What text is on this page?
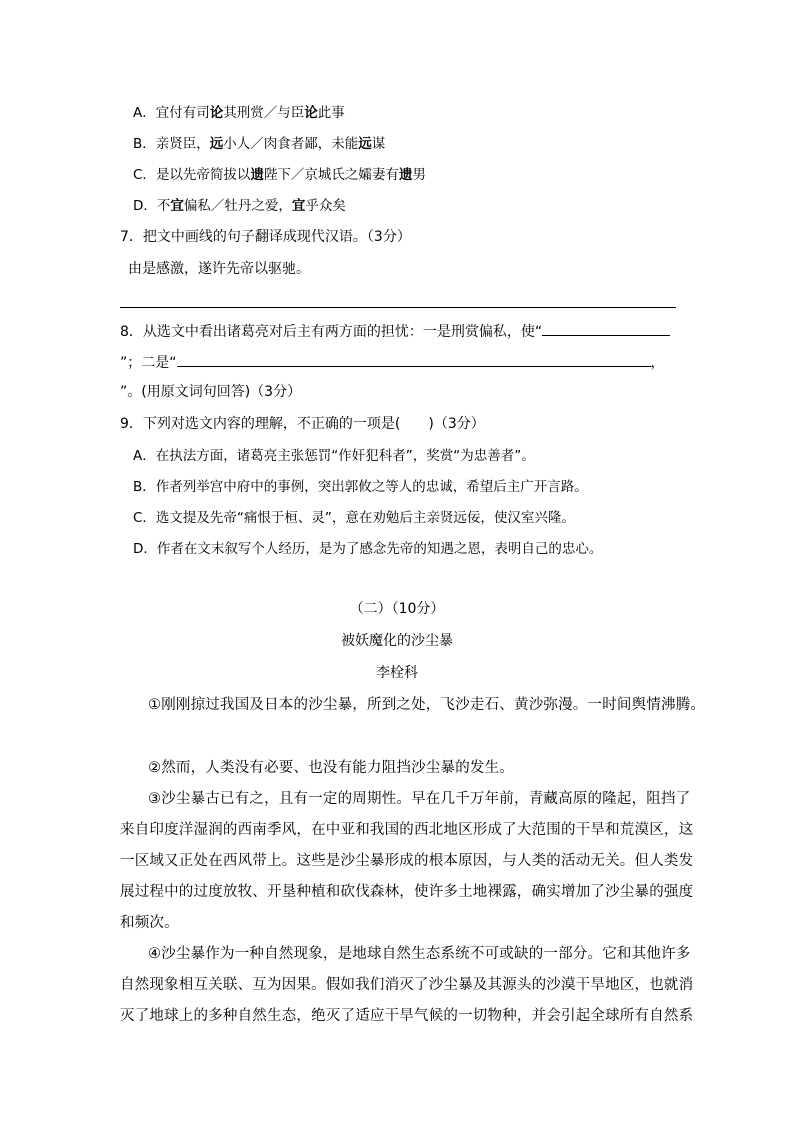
A．宜付有司论其刑赏／与臣论此事
B．亲贤臣，远小人／肉食者鄙，未能远谋
C．是以先帝简拔以遗陛下／京城氏之孀妻有遗男
D．不宜偏私／牡丹之爱，宜乎众矣
7．把文中画线的句子翻译成现代汉语。（3分）
由是感激，遂许先帝以驱驰。
8．从选文中看出诸葛亮对后主有两方面的担忧：一是刑赏偏私，使“
”；二是“	，
”。(用原文词句回答)（3分）
9．下列对选文内容的理解，不正确的一项是(　　)（3分）
A．在执法方面，诸葛亮主张惩罚“作奸犯科者”，奖赏“为忠善者”。
B．作者列举宫中府中的事例，突出郭攸之等人的忠诚，希望后主广开言路。
C．选文提及先帝“痛恨于桓、灵”，意在劝勉后主亲贤远佞，使汉室兴隆。
D．作者在文末叙写个人经历，是为了感念先帝的知遇之恩，表明自己的忠心。
（二）（10分）
被妖魔化的沙尘暴
李栓科
①刚刚掠过我国及日本的沙尘暴，所到之处，飞沙走石、黄沙弥漫。一时间舆情沸腾。
②然而，人类没有必要、也没有能力阻挡沙尘暴的发生。
③沙尘暴古已有之，且有一定的周期性。早在几千万年前，青藏高原的隆起，阻挡了
来自印度洋湿润的西南季风，在中亚和我国的西北地区形成了大范围的干旱和荒漠区，这
一区域又正处在西风带上。这些是沙尘暴形成的根本原因，与人类的活动无关。但人类发
展过程中的过度放牧、开垦种植和砍伐森林，使许多土地裸露，确实增加了沙尘暴的强度
和频次。
④沙尘暴作为一种自然现象，是地球自然生态系统不可或缺的一部分。它和其他许多
自然现象相互关联、互为因果。假如我们消灭了沙尘暴及其源头的沙漠干旱地区，也就消
灭了地球上的多种自然生态，绝灭了适应干旱气候的一切物种，并会引起全球所有自然系
